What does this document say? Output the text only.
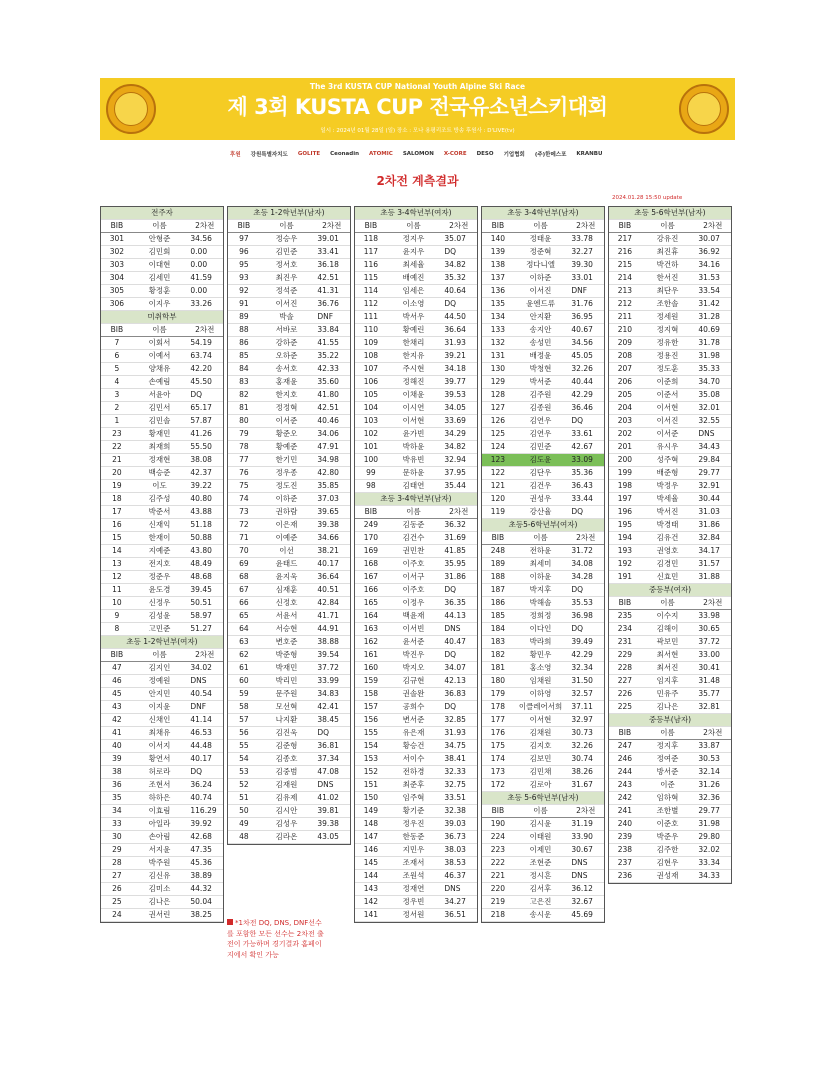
The 3rd KUSTA CUP National Youth Alpine Ski Race
제 3회 KUSTA CUP 전국유소년스키대회
일시 : 2024년 01월 28일 (일) 장소 : 모나 용평리조트 방송 후원사 : D'LIVE(tv)
후원 강원특별자치도 GOLITE Ceonadin ATOMIC SALOMON X-CORE DESO 기업협회 (주)한메스포 KRANBU
2차전 계측결과
2024.01.28 15:50 update
전주자		
BIB	이름	2차전
301	안형준	34.56
302	김민회	0.00
303	이대현	0.00
304	김세민	41.59
305	황정훈	0.00
306	이지우	33.26
미취학부		
BIB	이름	2차전
7	이회서	54.19
6	이예서	63.74
5	양채유	42.20
4	손예림	45.50
3	서윤아	DQ
2	김민서	65.17
1	김민솔	57.87
23	황재민	41.26
22	최재희	55.50
21	정재현	38.08
20	백승준	42.37
19	이도	39.22
18	김주성	40.80
17	박준서	43.88
16	신재익	51.18
15	한재이	50.88
14	지예준	43.80
13	전지호	48.49
12	정준우	48.68
11	윤도경	39.45
10	신정우	50.51
9	김성윤	58.97
8	고민준	51.27
초등 1-2학년부(여자)		
BIB	이름	2차전
47	김지인	34.02
46	정예원	DNS
45	안지민	40.54
43	이지윤	DNF
42	신채인	41.14
41	최채유	46.53
40	이서지	44.48
39	황연서	40.17
38	허로라	DQ
36	조현서	36.24
35	하하은	40.74
34	이효림	116.29
33	아일라	39.92
30	손아림	42.68
29	서지윤	47.35
28	박주원	45.36
27	김신유	38.89
26	김미소	44.32
25	김나은	50.04
24	권서린	38.25
초등 1-2학년부(남자)		
BIB	이름	2차전
97	정승우	39.01
96	김민준	33.41
95	정서호	36.18
93	최진우	42.51
92	정석준	41.31
91	이서진	36.76
89	박솔	DNF
88	서바로	33.84
86	강하준	41.55
85	오하준	35.22
84	송서호	42.33
83	홍재윤	35.60
82	한지호	41.80
81	정정혁	42.51
80	이서준	40.46
79	황준오	34.06
78	황예준	47.91
77	한기민	34.98
76	정우종	42.80
75	정도진	35.85
74	이하준	37.03
73	권하람	39.65
72	이은재	39.38
71	이예준	34.66
70	이선	38.21
69	윤태드	40.17
68	윤지욱	36.64
67	심재훈	40.51
66	신정호	42.84
65	서윤서	41.71
64	서승현	44.91
63	변호준	38.88
62	박준형	39.54
61	박재민	37.72
60	박리민	33.99
59	문주원	34.83
58	모선혁	42.41
57	나지환	38.45
56	김진욱	DQ
55	김준형	36.81
54	김종호	37.34
53	김중범	47.08
52	김재원	DNS
51	김유제	41.02
50	김시안	39.81
49	김성우	39.38
48	김라온	43.05
초등 3-4학년부(여자)		
BIB	이름	2차전
118	정지우	35.07
117	윤지우	DQ
116	최세율	34.82
115	배예진	35.32
114	임세은	40.64
112	이소영	DQ
111	박서우	44.50
110	황예린	36.64
109	한채리	31.93
108	한지유	39.21
107	주시현	34.18
106	정해진	39.77
105	이채윤	39.53
104	이시연	34.05
103	이서현	33.69
102	윤가빈	34.29
101	박하윤	34.82
100	박유빈	32.94
99	문하윤	37.95
98	김태연	35.44
초등 3-4학년부(남자)		
BIB	이름	2차전
249	김동준	36.32
170	김건수	31.69
169	권민찬	41.85
168	이주호	35.95
167	이서구	31.86
166	이주호	DQ
165	이정우	36.35
164	백윤재	44.13
163	이서빈	DNS
162	윤서준	40.47
161	박진우	DQ
160	박지오	34.07
159	김규현	42.13
158	권솔완	36.83
157	공희수	DQ
156	변서준	32.85
155	유은재	31.93
154	황승건	34.75
153	서이수	38.41
152	전하경	32.33
151	최준후	32.75
150	임주혁	33.51
149	황기준	32.38
148	정우진	39.03
147	한동준	36.73
146	지민우	38.03
145	조재서	38.53
144	조원석	46.37
143	정재연	DNS
142	정우빈	34.27
141	정서원	36.51
초등 3-4학년부(남자)		
BIB	이름	2차전
140	정태윤	33.78
139	정준혁	32.27
138	정다니엘	39.30
137	이하준	33.01
136	이서진	DNF
135	윤엔드류	31.76
134	안지환	36.95
133	송지안	40.67
132	송성민	34.56
131	배정윤	45.05
130	박청현	32.26
129	박서준	40.44
128	김주원	42.29
127	김종원	36.46
126	김연우	DQ
125	김연우	33.61
124	김민준	42.67
123	김도윤	33.09
122	김단우	35.36
121	김건우	36.43
120	권성우	33.44
119	강산율	DQ
초등5-6학년부(여자)		
BIB	이름	2차전
248	전하윤	31.72
189	최세미	34.08
188	이하윤	34.28
187	박지후	DQ
186	박해솔	35.53
185	정희정	36.98
184	이다인	DQ
183	박라희	39.49
182	황민우	42.29
181	홍소영	32.34
180	임채원	31.50
179	이하영	32.57
178	이클레어서희	37.11
177	이서현	32.97
176	김채원	30.73
175	김지호	32.26
174	김보민	30.74
173	김민채	38.26
172	김로아	31.67
초등 5-6학년부(남자)		
BIB	이름	2차전
190	김시윤	31.19
224	이태원	33.90
223	이제민	30.67
222	조현준	DNS
221	정시흔	DNS
220	김서후	36.12
219	고은진	32.67
218	송시운	45.69
초등 5-6학년부(남자)		
BIB	이름	2차전
217	강유진	30.07
216	최진휴	36.92
215	박건하	34.16
214	한서진	31.53
213	최단우	33.54
212	조한솔	31.42
211	정세원	31.28
210	정지혁	40.69
209	정유한	31.78
208	정용진	31.98
207	정도훈	35.33
206	이준희	34.70
205	이준서	35.08
204	이서현	32.01
203	이서진	32.55
202	이서준	DNS
201	유시우	34.43
200	성주혁	29.84
199	배준형	29.77
198	박정우	32.91
197	박세율	30.44
196	박서진	31.03
195	박경태	31.86
194	김유건	32.84
193	권영호	34.17
192	김경민	31.57
191	신효민	31.88
중등부(여자)		
BIB	이름	2차전
235	이수지	33.98
234	김해이	30.65
231	곽보민	37.72
229	최서현	33.00
228	최서진	30.41
227	임지후	31.48
226	민유주	35.77
225	김나은	32.81
중등부(남자)		
BIB	이름	2차전
247	정지후	33.87
246	정여준	30.53
244	방서준	32.14
243	이준	31.26
242	임하혁	32.36
241	조한별	29.77
240	이준호	31.98
239	박준우	29.80
238	김주한	32.02
237	김현우	33.34
236	권성재	34.33
*1차전 DQ, DNS, DNF선수를 포함한 모든 선수는 2차전 출전이 가능하며 경기결과 홈페이지에서 확인 가능
